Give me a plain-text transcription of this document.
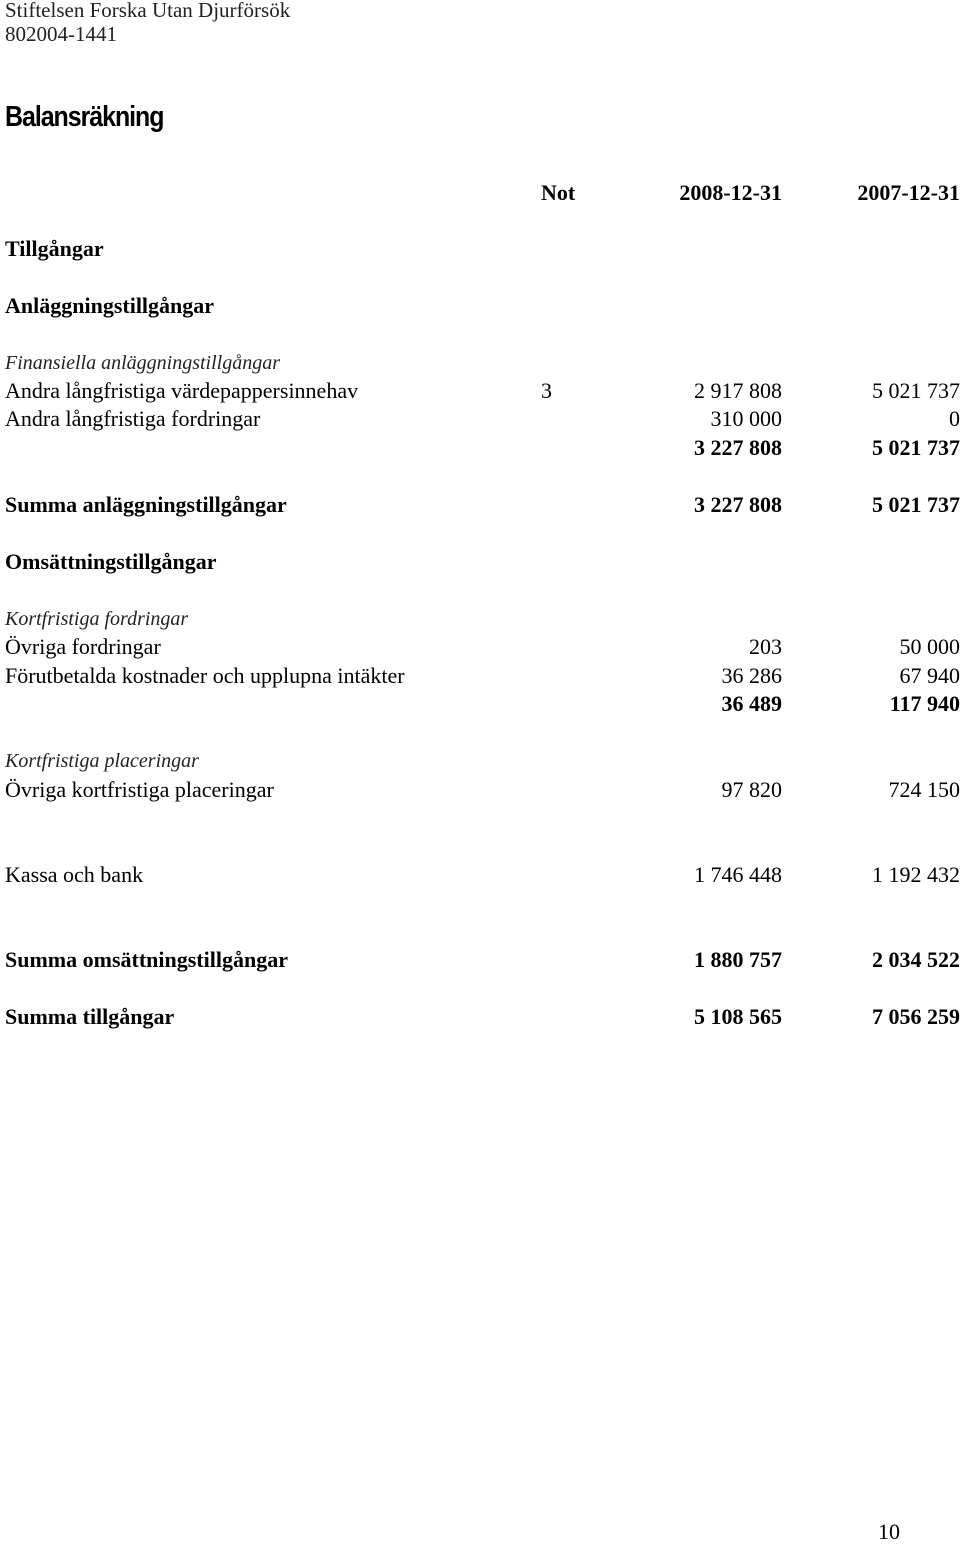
Stiftelsen Forska Utan Djurförsök
802004-1441
Balansräkning
Not	2008-12-31	2007-12-31
Tillgångar
Anläggningstillgångar
Finansiella anläggningstillgångar
Andra långfristiga värdepappersinnehav	3	2 917 808	5 021 737
Andra långfristiga fordringar	310 000	0
3 227 808	5 021 737
Summa anläggningstillgångar	3 227 808	5 021 737
Omsättningstillgångar
Kortfristiga fordringar
Övriga fordringar	203	50 000
Förutbetalda kostnader och upplupna intäkter	36 286	67 940
36 489	117 940
Kortfristiga placeringar
Övriga kortfristiga placeringar	97 820	724 150
Kassa och bank	1 746 448	1 192 432
Summa omsättningstillgångar	1 880 757	2 034 522
Summa tillgångar	5 108 565	7 056 259
10
